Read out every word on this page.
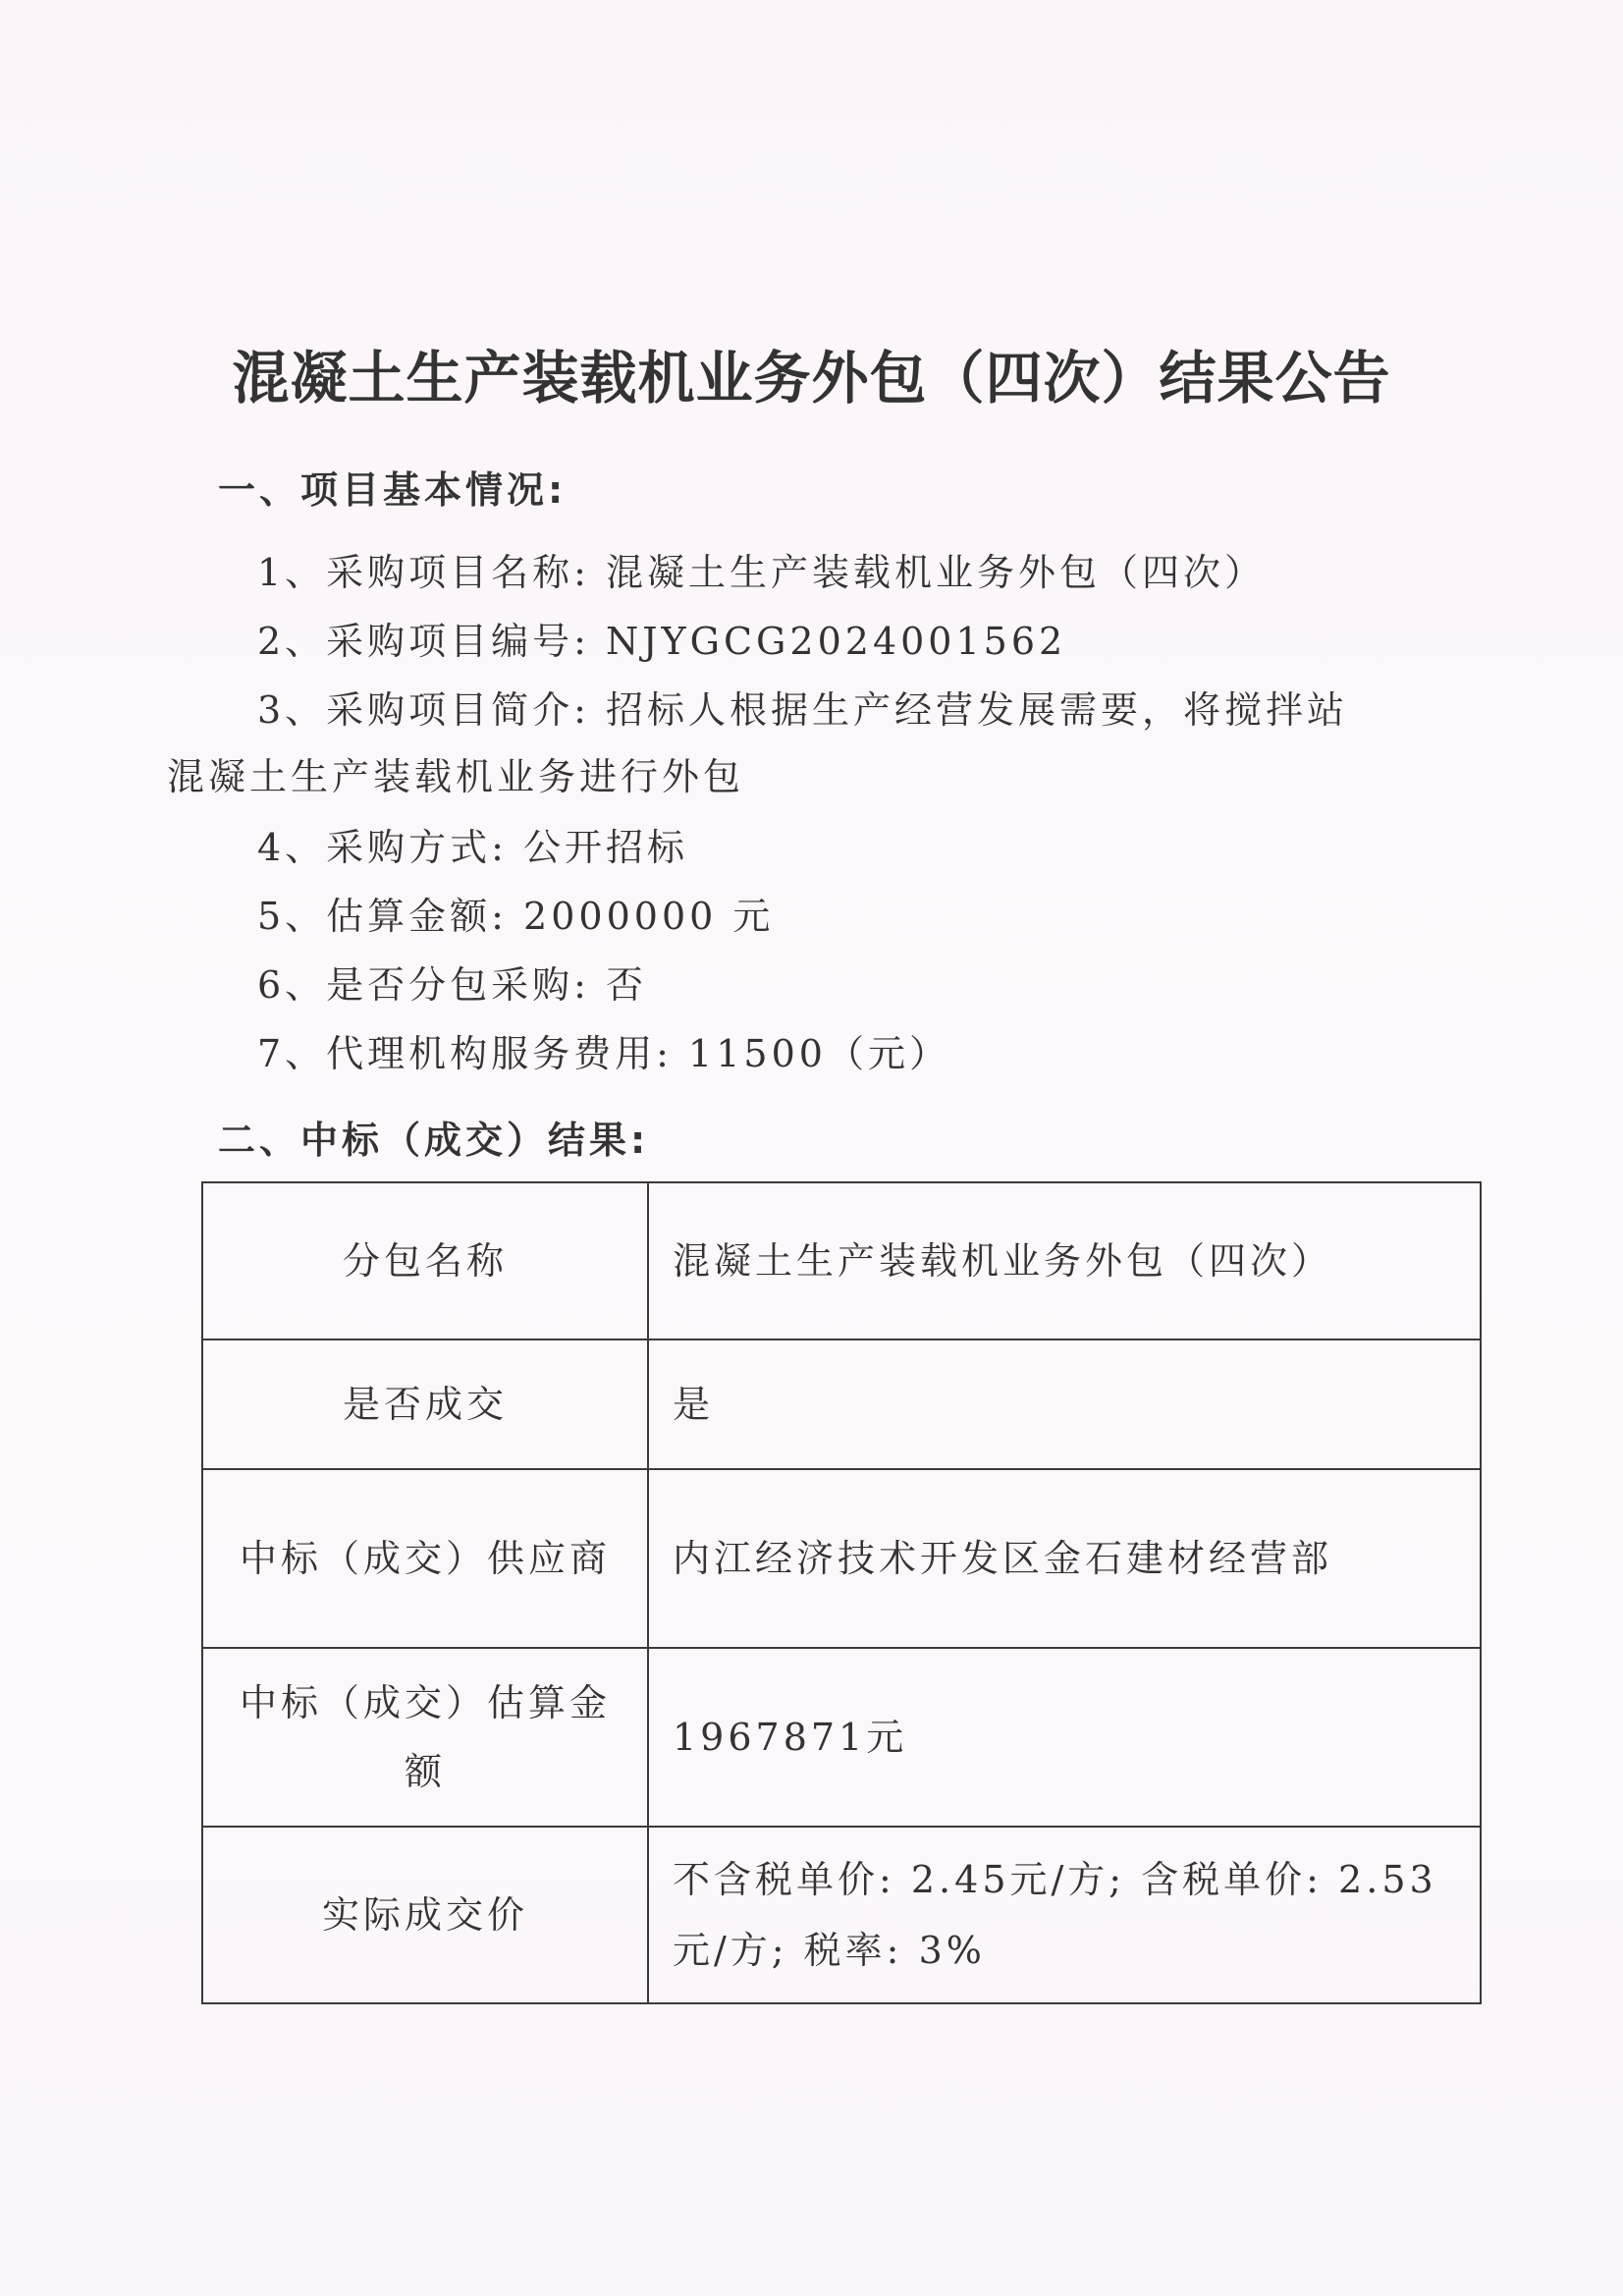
混凝土生产装载机业务外包（四次）结果公告
一、项目基本情况:
1、采购项目名称: 混凝土生产装载机业务外包（四次）
2、采购项目编号: NJYGCG2024001562
3、采购项目简介: 招标人根据生产经营发展需要，将搅拌站
混凝土生产装载机业务进行外包
4、采购方式: 公开招标
5、估算金额: 2000000 元
6、是否分包采购: 否
7、代理机构服务费用: 11500（元）
二、中标（成交）结果:
分包名称	混凝土生产装载机业务外包（四次）
是否成交	是
中标（成交）供应商	内江经济技术开发区金石建材经营部
中标（成交）估算金额	1967871元
实际成交价	不含税单价: 2.45元/方; 含税单价: 2.53元/方; 税率: 3%
